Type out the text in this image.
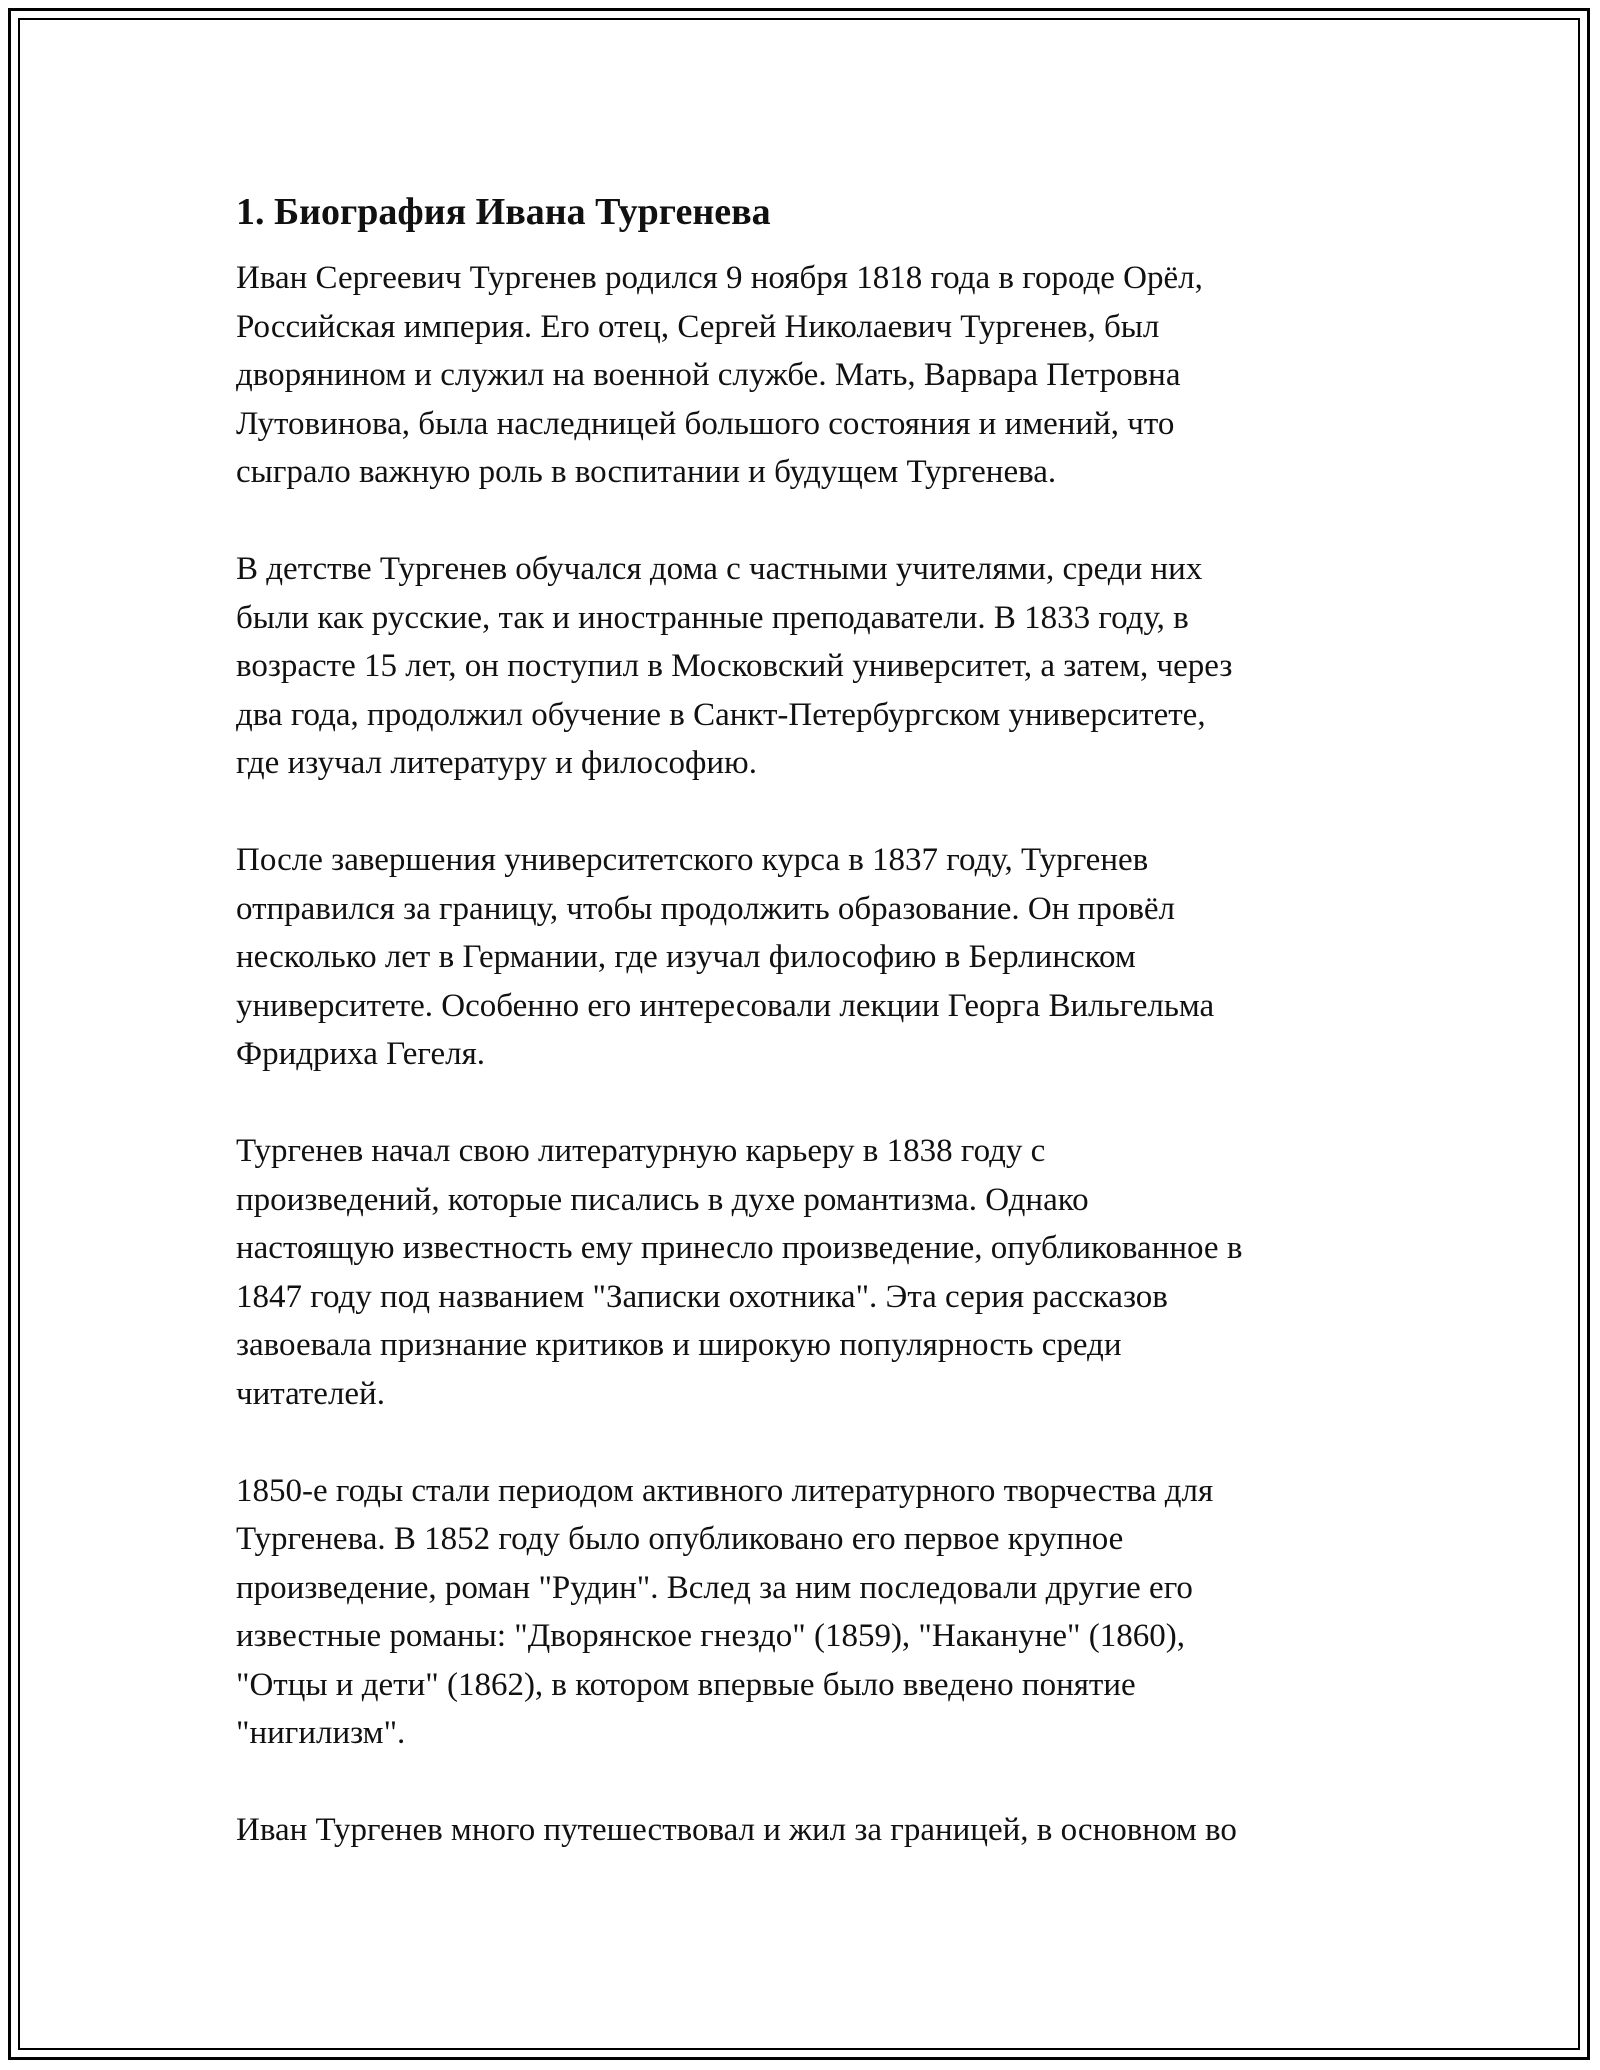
1. Биография Ивана Тургенева

Иван Сергеевич Тургенев родился 9 ноября 1818 года в городе Орёл,
Российская империя. Его отец, Сергей Николаевич Тургенев, был
дворянином и служил на военной службе. Мать, Варвара Петровна
Лутовинова, была наследницей большого состояния и имений, что
сыграло важную роль в воспитании и будущем Тургенева.

В детстве Тургенев обучался дома с частными учителями, среди них
были как русские, так и иностранные преподаватели. В 1833 году, в
возрасте 15 лет, он поступил в Московский университет, а затем, через
два года, продолжил обучение в Санкт-Петербургском университете,
где изучал литературу и философию.

После завершения университетского курса в 1837 году, Тургенев
отправился за границу, чтобы продолжить образование. Он провёл
несколько лет в Германии, где изучал философию в Берлинском
университете. Особенно его интересовали лекции Георга Вильгельма
Фридриха Гегеля.

Тургенев начал свою литературную карьеру в 1838 году с
произведений, которые писались в духе романтизма. Однако
настоящую известность ему принесло произведение, опубликованное в
1847 году под названием "Записки охотника". Эта серия рассказов
завоевала признание критиков и широкую популярность среди
читателей.

1850-е годы стали периодом активного литературного творчества для
Тургенева. В 1852 году было опубликовано его первое крупное
произведение, роман "Рудин". Вслед за ним последовали другие его
известные романы: "Дворянское гнездо" (1859), "Накануне" (1860),
"Отцы и дети" (1862), в котором впервые было введено понятие
"нигилизм".

Иван Тургенев много путешествовал и жил за границей, в основном во
